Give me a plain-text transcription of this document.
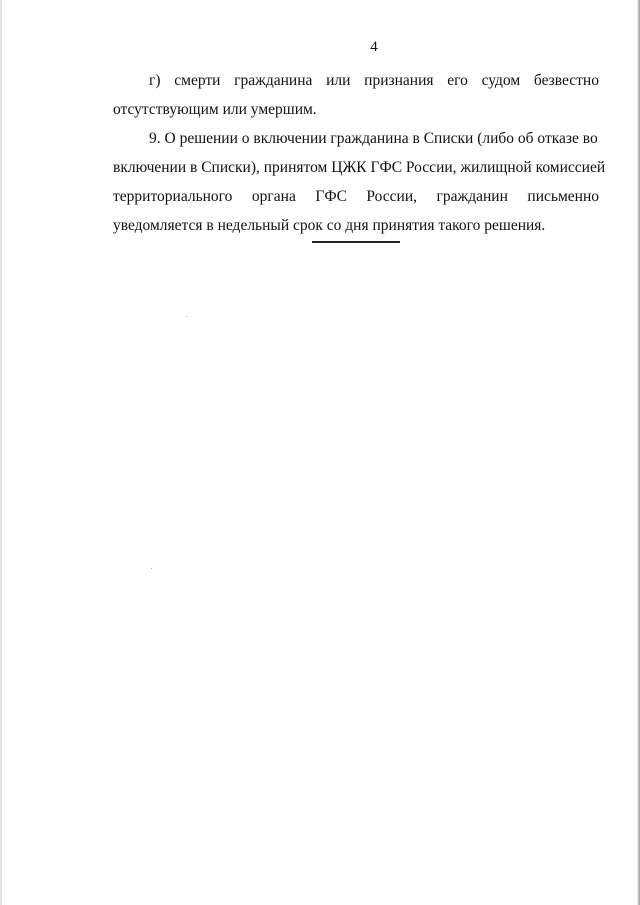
4
г) смерти гражданина или признания его судом безвестно
отсутствующим или умершим.
9. О решении о включении гражданина в Списки (либо об отказе во
включении в Списки), принятом ЦЖК ГФС России, жилищной комиссией
территориального органа ГФС России, гражданин письменно
уведомляется в недельный срок со дня принятия такого решения.
